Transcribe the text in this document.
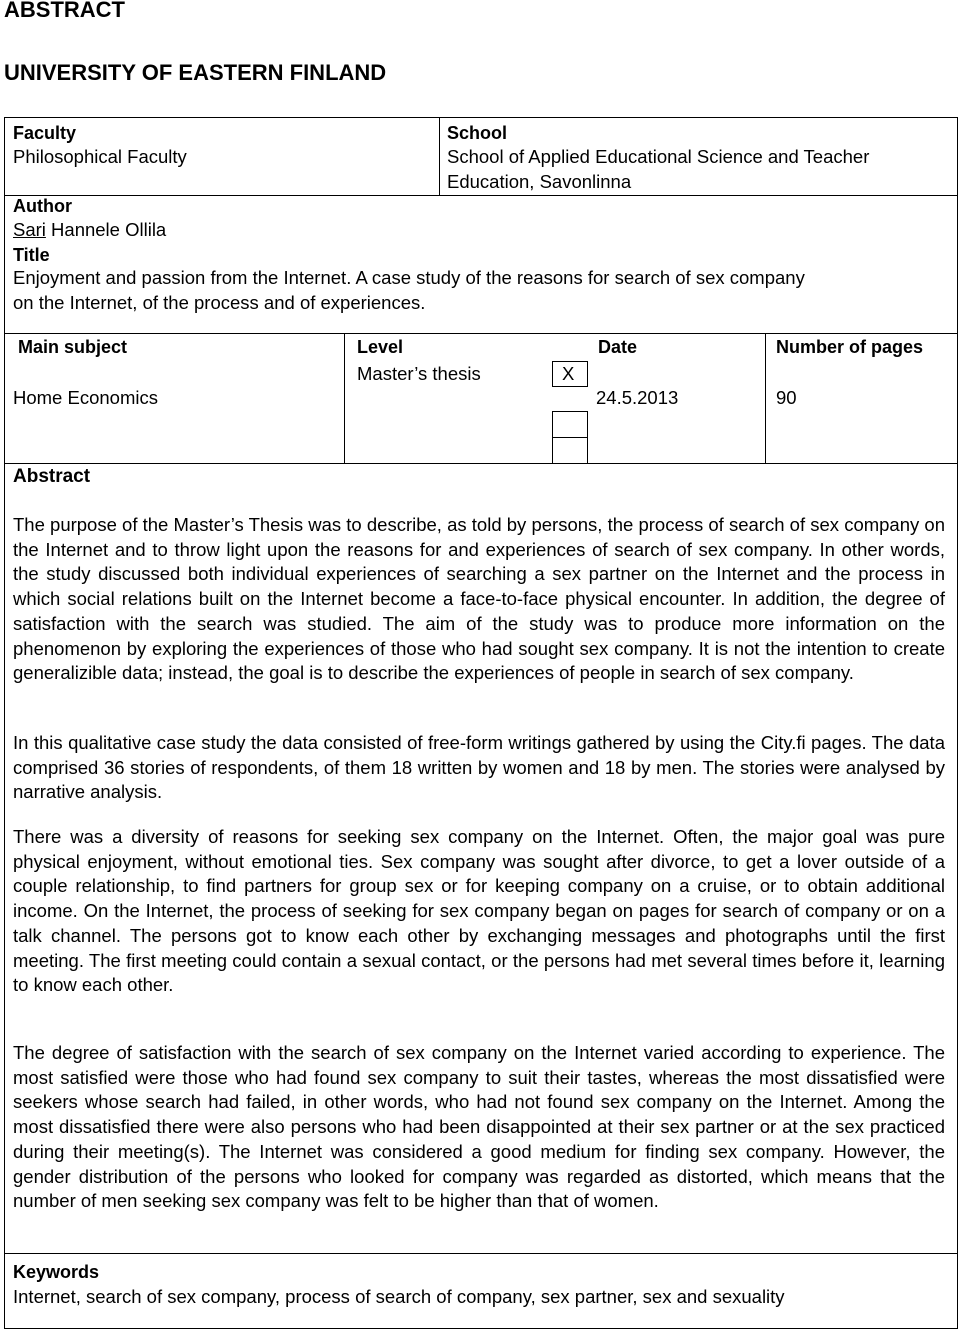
ABSTRACT
UNIVERSITY OF EASTERN FINLAND
Faculty
Philosophical Faculty
School
School of Applied Educational Science and Teacher
Education, Savonlinna
Author
Sari Hannele Ollila
Title
Enjoyment and passion from the Internet. A case study of the reasons for search of sex company
on the Internet, of the process and of experiences.
Main subject
Home Economics
Level
Master’s thesis	X
Date
24.5.2013
Number of pages
90
Abstract
The purpose of the Master’s Thesis was to describe, as told by persons, the process of search of sex company on the Internet and to throw light upon the reasons for and experiences of search of sex company. In other words, the study discussed both individual experiences of searching a sex partner on the Internet and the process in which social relations built on the Internet become a face-to-face physical encounter. In addition, the degree of satisfaction with the search was studied. The aim of the study was to produce more information on the phenomenon by exploring the experiences of those who had sought sex company. It is not the intention to create generalizible data; instead, the goal is to describe the experiences of people in search of sex company.
In this qualitative case study the data consisted of free-form writings gathered by using the City.fi pages. The data comprised 36 stories of respondents, of them 18 written by women and 18 by men. The stories were analysed by narrative analysis.
There was a diversity of reasons for seeking sex company on the Internet. Often, the major goal was pure physical enjoyment, without emotional ties. Sex company was sought after divorce, to get a lover outside of a couple relationship, to find partners for group sex or for keeping company on a cruise, or to obtain additional income. On the Internet, the process of seeking for sex company began on pages for search of company or on a talk channel. The persons got to know each other by exchanging messages and photographs until the first meeting. The first meeting could contain a sexual contact, or the persons had met several times before it, learning to know each other.
The degree of satisfaction with the search of sex company on the Internet varied according to experience. The most satisfied were those who had found sex company to suit their tastes, whereas the most dissatisfied were seekers whose search had failed, in other words, who had not found sex company on the Internet. Among the most dissatisfied there were also persons who had been disappointed at their sex partner or at the sex practiced during their meeting(s). The Internet was considered a good medium for finding sex company. However, the gender distribution of the persons who looked for company was regarded as distorted, which means that the number of men seeking sex company was felt to be higher than that of women.
Keywords
Internet, search of sex company, process of search of company, sex partner, sex and sexuality
